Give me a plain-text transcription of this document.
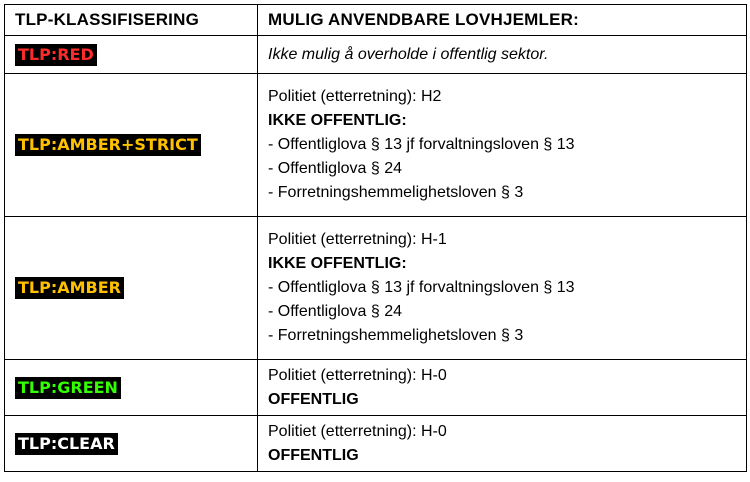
TLP-KLASSIFISERING	MULIG ANVENDBARE LOVHJEMLER:
TLP:RED	Ikke mulig å overholde i offentlig sektor.
TLP:AMBER+STRICT	Politiet (etterretning): H2
IKKE OFFENTLIG:
- Offentliglova § 13 jf forvaltningsloven § 13
- Offentliglova § 24
- Forretningshemmelighetsloven § 3

TLP:AMBER	Politiet (etterretning): H-1
IKKE OFFENTLIG:
- Offentliglova § 13 jf forvaltningsloven § 13
- Offentliglova § 24
- Forretningshemmelighetsloven § 3

TLP:GREEN	Politiet (etterretning): H-0
OFFENTLIG

TLP:CLEAR	Politiet (etterretning): H-0
OFFENTLIG
